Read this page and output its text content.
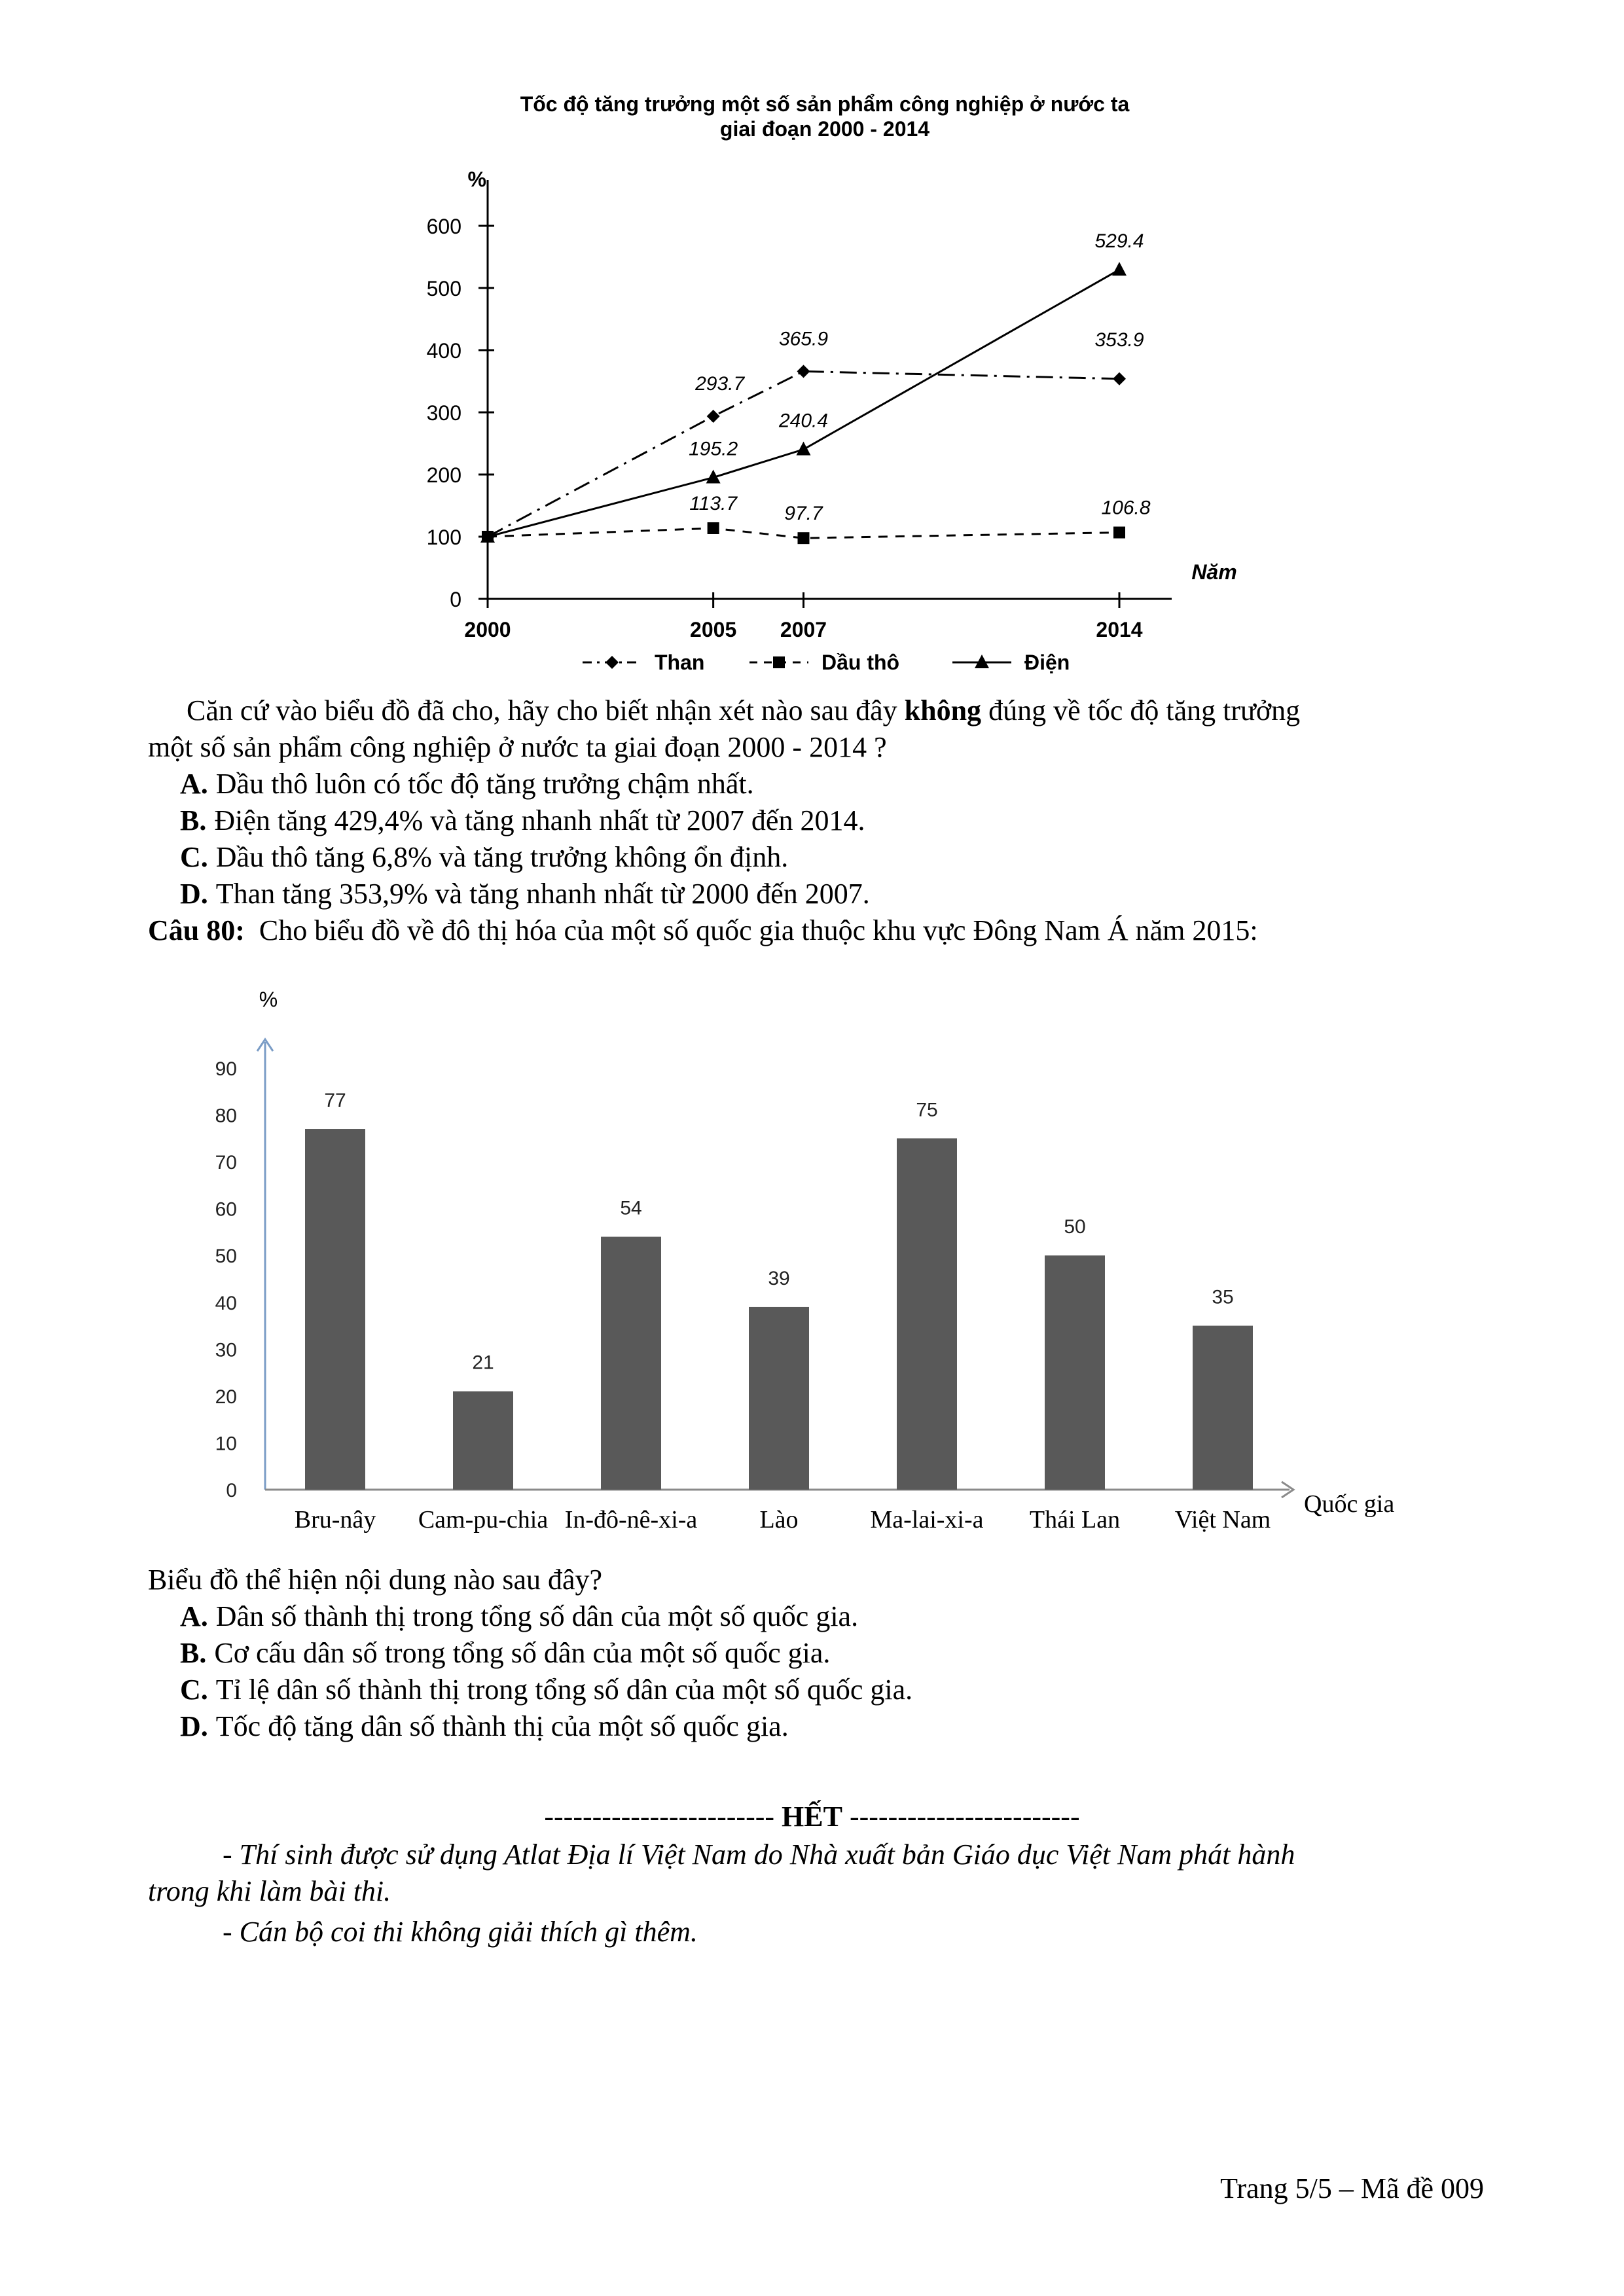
Tốc độ tăng trưởng một số sản phẩm công nghiệp ở nước ta
giai đoạn 2000 - 2014
%
Năm
0
100
200
300
400
500
600
2000	2005 2007	2014
293.7
365.9	353.9
113.7 97.7	106.8
195.2
240.4
529.4
Than	Dầu thô	Điện
Căn cứ vào biểu đồ đã cho, hãy cho biết nhận xét nào sau đây không đúng về tốc độ tăng trưởng
một số sản phẩm công nghiệp ở nước ta giai đoạn 2000 - 2014 ?
A. Dầu thô luôn có tốc độ tăng trưởng chậm nhất.
B. Điện tăng 429,4% và tăng nhanh nhất từ 2007 đến 2014.
C. Dầu thô tăng 6,8% và tăng trưởng không ổn định.
D. Than tăng 353,9% và tăng nhanh nhất từ 2000 đến 2007.
Câu 80: Cho biểu đồ về đô thị hóa của một số quốc gia thuộc khu vực Đông Nam Á năm 2015:
%
Quốc gia
0
10
20
30
40
50
60
70
80
90
Bru-nây Cam-pu-chia In-đô-nê-xi-a	Lào	Ma-lai-xi-a Thái Lan Việt Nam
77
21
54
39
75
50
35
Biểu đồ thể hiện nội dung nào sau đây?
A. Dân số thành thị trong tổng số dân của một số quốc gia.
B. Cơ cấu dân số trong tổng số dân của một số quốc gia.
C. Tỉ lệ dân số thành thị trong tổng số dân của một số quốc gia.
D. Tốc độ tăng dân số thành thị của một số quốc gia.
------------------------ HẾT ------------------------
- Thí sinh được sử dụng Atlat Địa lí Việt Nam do Nhà xuất bản Giáo dục Việt Nam phát hành
trong khi làm bài thi.
- Cán bộ coi thi không giải thích gì thêm.
Trang 5/5 – Mã đề 009
